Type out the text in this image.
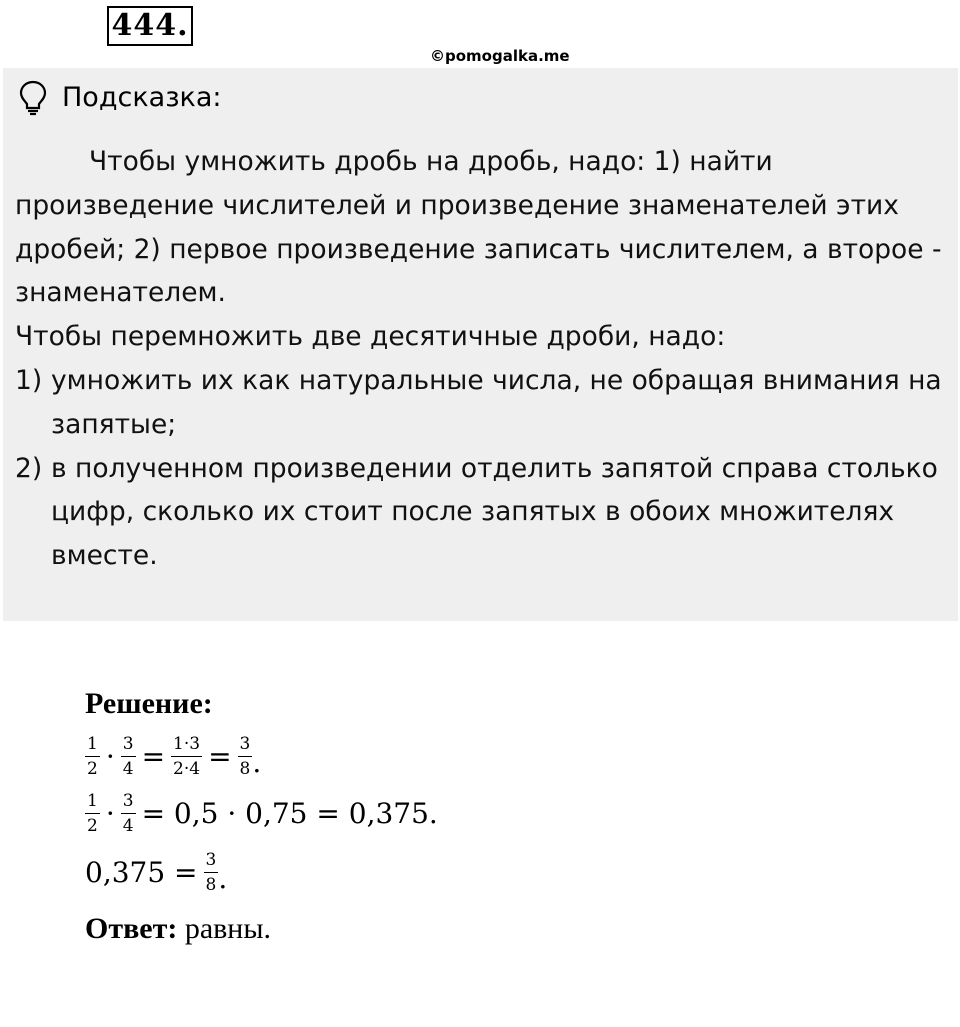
444.
©pomogalka.me
Подсказка:
Чтобы умножить дробь на дробь, надо: 1) найти произведение числителей и произведение знаменателей этих дробей; 2) первое произведение записать числителем, а второе - знаменателем.
Чтобы перемножить две десятичные дроби, надо:
1) умножить их как натуральные числа, не обращая внимания на запятые;
2) в полученном произведении отделить запятой справа столько цифр, сколько их стоит после запятых в обоих множителях вместе.
Решение:
$\frac{1}{2} \cdot \frac{3}{4} = \frac{1\cdot 3}{2\cdot 4} = \frac{3}{8}$ .
$\frac{1}{2} \cdot \frac{3}{4} = 0,5 \cdot 0,75 = 0,375$.
$0,375 = \frac{3}{8}$ .
Ответ: равны.
